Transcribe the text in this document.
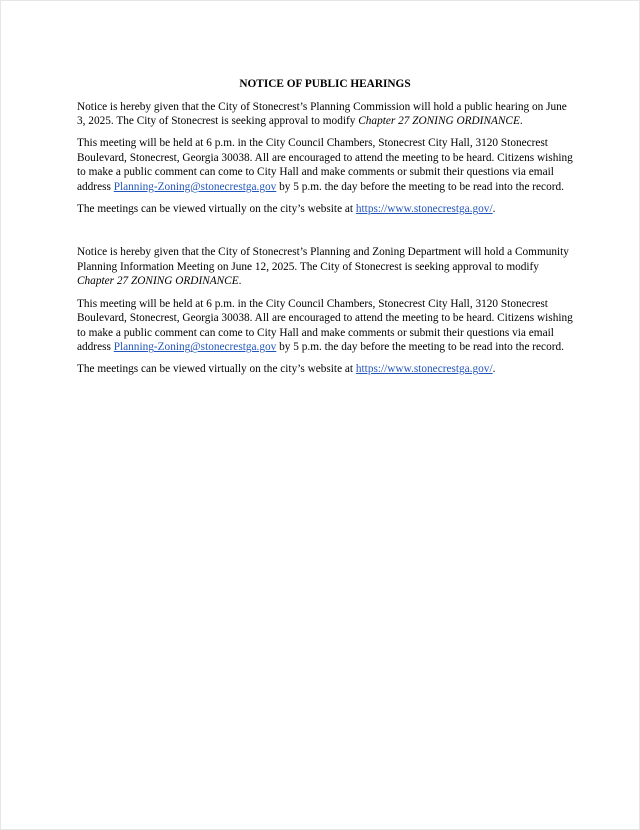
NOTICE OF PUBLIC HEARINGS

Notice is hereby given that the City of Stonecrest’s Planning Commission will hold a public hearing on June 3, 2025. The City of Stonecrest is seeking approval to modify Chapter 27 ZONING ORDINANCE.

This meeting will be held at 6 p.m. in the City Council Chambers, Stonecrest City Hall, 3120 Stonecrest Boulevard, Stonecrest, Georgia 30038. All are encouraged to attend the meeting to be heard. Citizens wishing to make a public comment can come to City Hall and make comments or submit their questions via email address Planning-Zoning@stonecrestga.gov by 5 p.m. the day before the meeting to be read into the record.

The meetings can be viewed virtually on the city’s website at https://www.stonecrestga.gov/.

Notice is hereby given that the City of Stonecrest’s Planning and Zoning Department will hold a Community Planning Information Meeting on June 12, 2025. The City of Stonecrest is seeking approval to modify Chapter 27 ZONING ORDINANCE.

This meeting will be held at 6 p.m. in the City Council Chambers, Stonecrest City Hall, 3120 Stonecrest Boulevard, Stonecrest, Georgia 30038. All are encouraged to attend the meeting to be heard. Citizens wishing to make a public comment can come to City Hall and make comments or submit their questions via email address Planning-Zoning@stonecrestga.gov by 5 p.m. the day before the meeting to be read into the record.

The meetings can be viewed virtually on the city’s website at https://www.stonecrestga.gov/.
